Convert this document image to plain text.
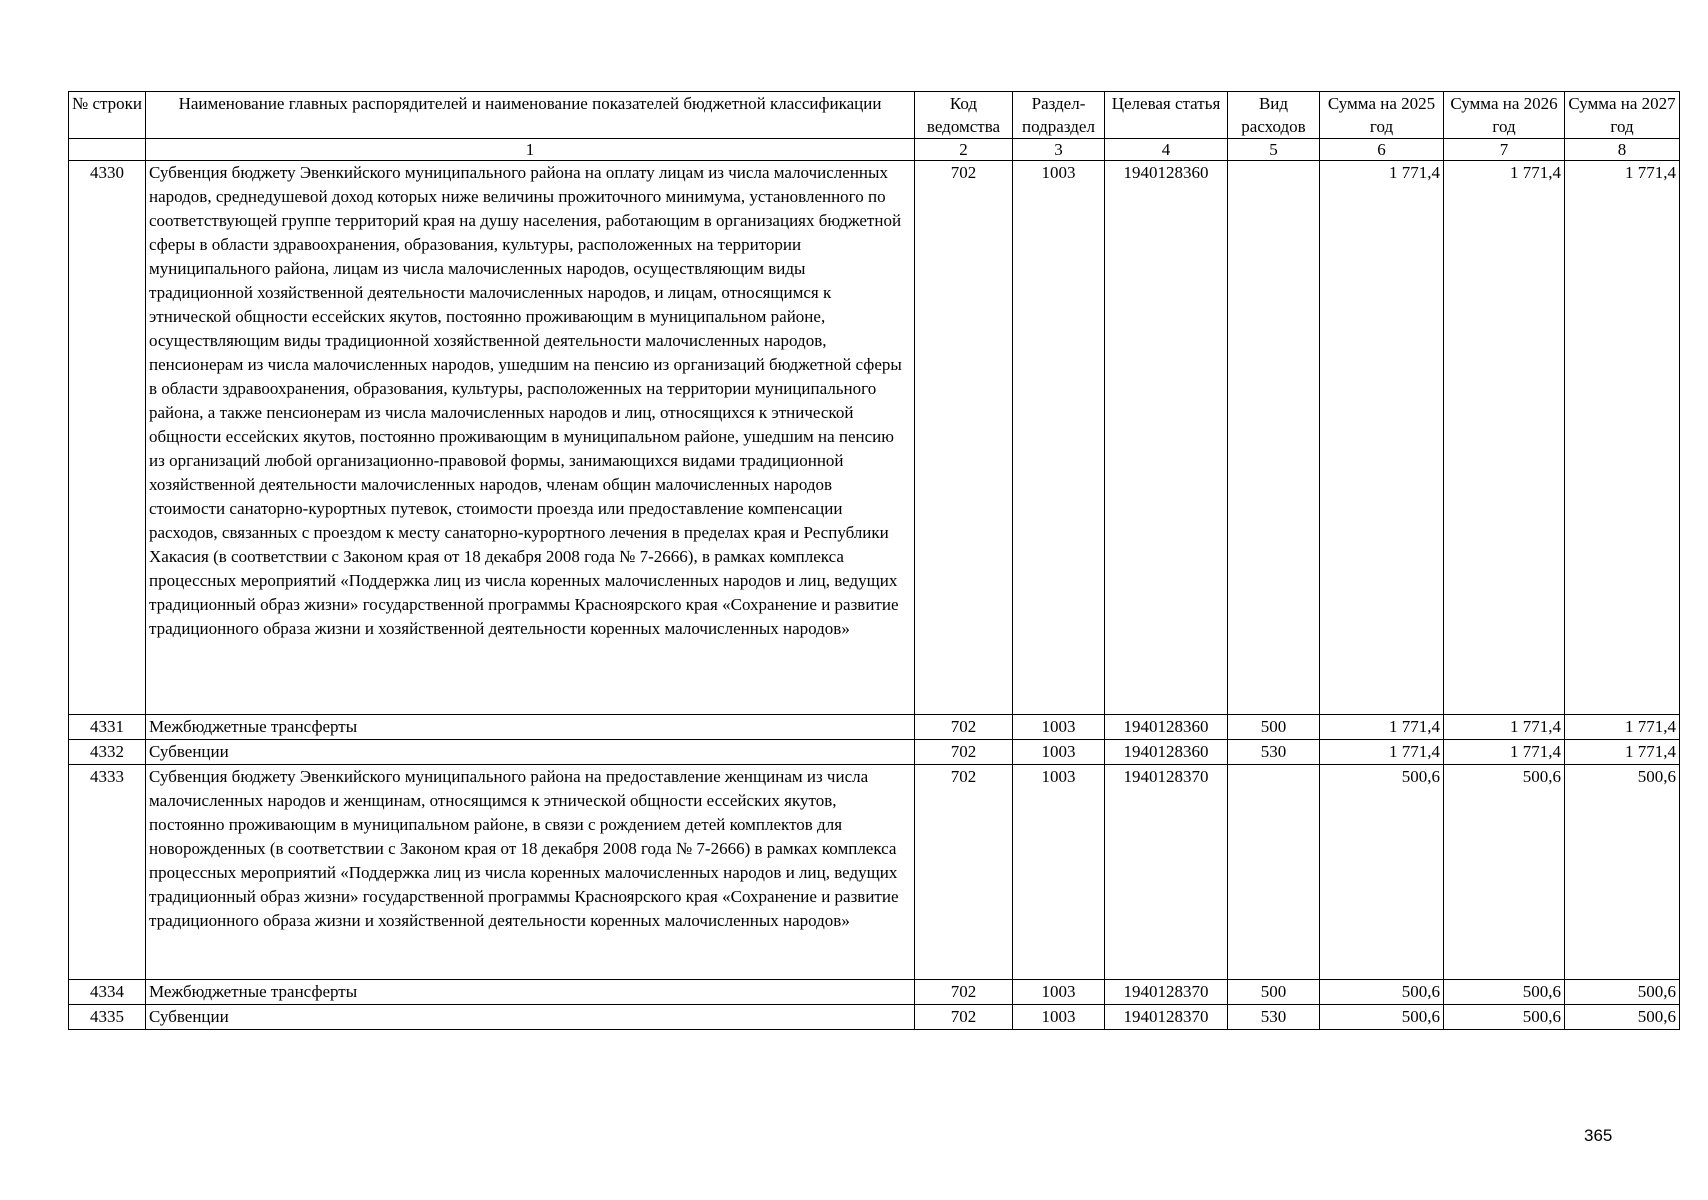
№ строки	Наименование главных распорядителей и наименование показателей бюджетной классификации	Код ведомства	Раздел-подраздел	Целевая статья	Вид расходов	Сумма на 2025 год	Сумма на 2026 год	Сумма на 2027 год
	1	2	3	4	5	6	7	8
4330	Субвенция бюджету Эвенкийского муниципального района на оплату лицам из числа малочисленных народов, среднедушевой доход которых ниже величины прожиточного минимума, установленного по соответствующей группе территорий края на душу населения, работающим в организациях бюджетной сферы в области здравоохранения, образования, культуры, расположенных на территории муниципального района, лицам из числа малочисленных народов, осуществляющим виды традиционной хозяйственной деятельности малочисленных народов, и лицам, относящимся к этнической общности ессейских якутов, постоянно проживающим в муниципальном районе, осуществляющим виды традиционной хозяйственной деятельности малочисленных народов, пенсионерам из числа малочисленных народов, ушедшим на пенсию из организаций бюджетной сферы в области здравоохранения, образования, культуры, расположенных на территории муниципального района, а также пенсионерам из числа малочисленных народов и лиц, относящихся к этнической общности ессейских якутов, постоянно проживающим в муниципальном районе, ушедшим на пенсию из организаций любой организационно-правовой формы, занимающихся видами традиционной хозяйственной деятельности малочисленных народов, членам общин малочисленных народов стоимости санаторно-курортных путевок, стоимости проезда или предоставление компенсации расходов, связанных с проездом к месту санаторно-курортного лечения в пределах края и Республики Хакасия (в соответствии с Законом края от 18 декабря 2008 года № 7-2666), в рамках комплекса процессных мероприятий «Поддержка лиц из числа коренных малочисленных народов и лиц, ведущих традиционный образ жизни» государственной программы Красноярского края «Сохранение и развитие традиционного образа жизни и хозяйственной деятельности коренных малочисленных народов»	702	1003	1940128360		1 771,4	1 771,4	1 771,4
4331	Межбюджетные трансферты	702	1003	1940128360	500	1 771,4	1 771,4	1 771,4
4332	Субвенции	702	1003	1940128360	530	1 771,4	1 771,4	1 771,4
4333	Субвенция бюджету Эвенкийского муниципального района на предоставление женщинам из числа малочисленных народов и женщинам, относящимся к этнической общности ессейских якутов, постоянно проживающим в муниципальном районе, в связи с рождением детей комплектов для новорожденных (в соответствии с Законом края от 18 декабря 2008 года № 7-2666) в рамках комплекса процессных мероприятий «Поддержка лиц из числа коренных малочисленных народов и лиц, ведущих традиционный образ жизни» государственной программы Красноярского края «Сохранение и развитие традиционного образа жизни и хозяйственной деятельности коренных малочисленных народов»	702	1003	1940128370		500,6	500,6	500,6
4334	Межбюджетные трансферты	702	1003	1940128370	500	500,6	500,6	500,6
4335	Субвенции	702	1003	1940128370	530	500,6	500,6	500,6
365
